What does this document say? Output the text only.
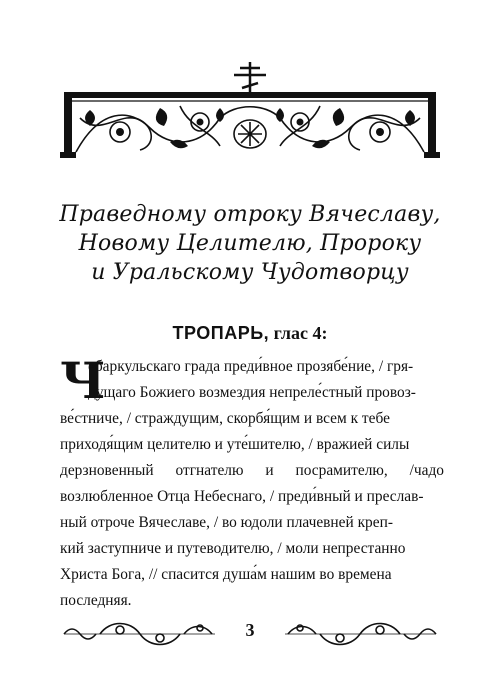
Праведному отроку Вячеславу,
Новому Целителю, Пророку
и Уральскому Чудотворцу
ТРОПАРЬ, глас 4:
Ч
ебаркульскаго града преди́вное прозябе́ние, / гря-
дущаго Божиего возмездия непреле́стный провоз-
ве́стниче, / страждущим, скорбя́щим и всем к тебе
приходя́щим целителю и уте́шителю, / вражией силы
дерзновенный отгнателю и посрамителю, /чадо возлюбленное Отца Небеснаго, / преди́вный и преслав-
ный отроче Вячеславе, / во юдоли плачевней креп-
кий заступниче и путеводителю, / моли непрестанно
Христа Бога, // спасится душа́м нашим во времена
последняя.
3
